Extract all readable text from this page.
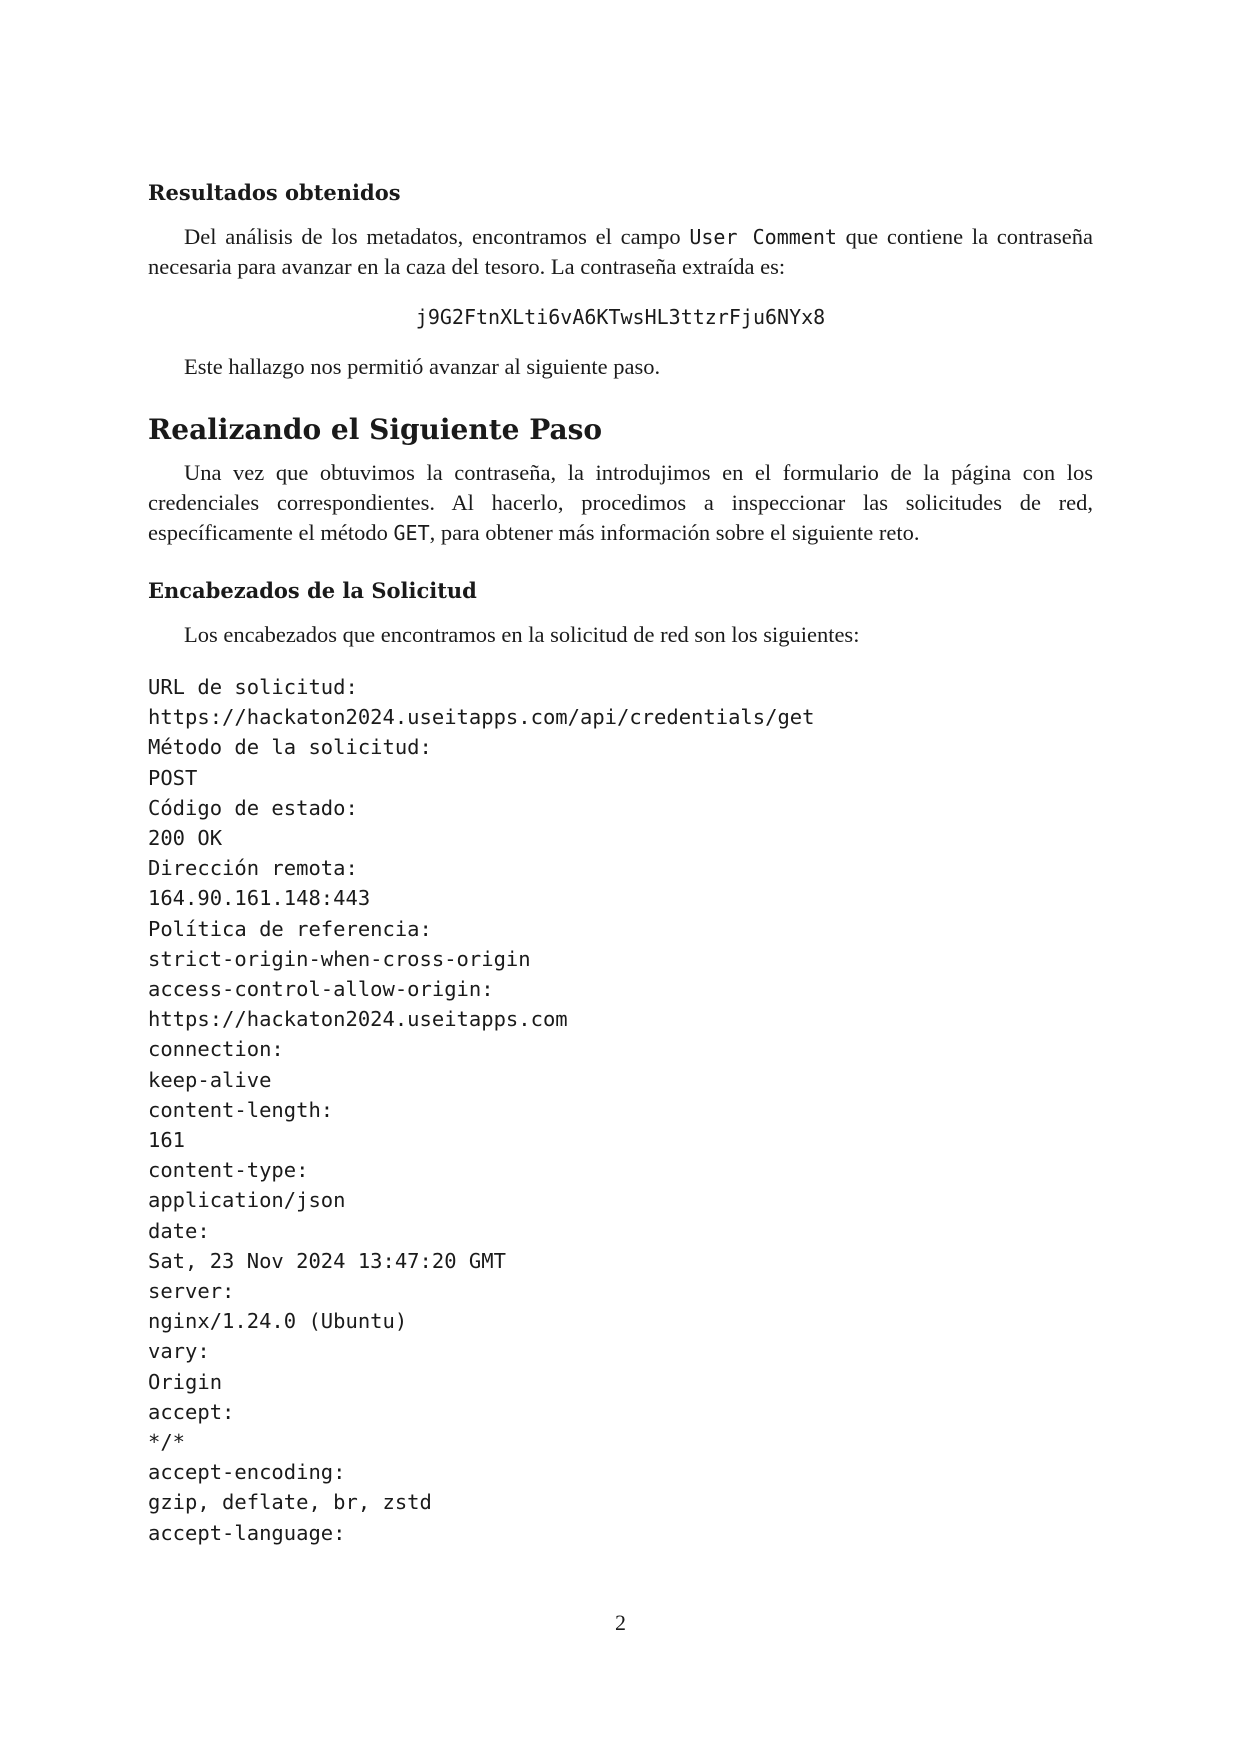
Resultados obtenidos

Del análisis de los metadatos, encontramos el campo User Comment que contiene la contraseña necesaria para avanzar en la caza del tesoro. La contraseña extraída es:

j9G2FtnXLti6vA6KTwsHL3ttzrFju6NYx8

Este hallazgo nos permitió avanzar al siguiente paso.

Realizando el Siguiente Paso

Una vez que obtuvimos la contraseña, la introdujimos en el formulario de la página con los credenciales correspondientes. Al hacerlo, procedimos a inspeccionar las solicitudes de red, específicamente el método GET, para obtener más información sobre el siguiente reto.

Encabezados de la Solicitud

Los encabezados que encontramos en la solicitud de red son los siguientes:

URL de solicitud:
https://hackaton2024.useitapps.com/api/credentials/get
Método de la solicitud:
POST
Código de estado:
200 OK
Dirección remota:
164.90.161.148:443
Política de referencia:
strict-origin-when-cross-origin
access-control-allow-origin:
https://hackaton2024.useitapps.com
connection:
keep-alive
content-length:
161
content-type:
application/json
date:
Sat, 23 Nov 2024 13:47:20 GMT
server:
nginx/1.24.0 (Ubuntu)
vary:
Origin
accept:
*/*
accept-encoding:
gzip, deflate, br, zstd
accept-language:
2
